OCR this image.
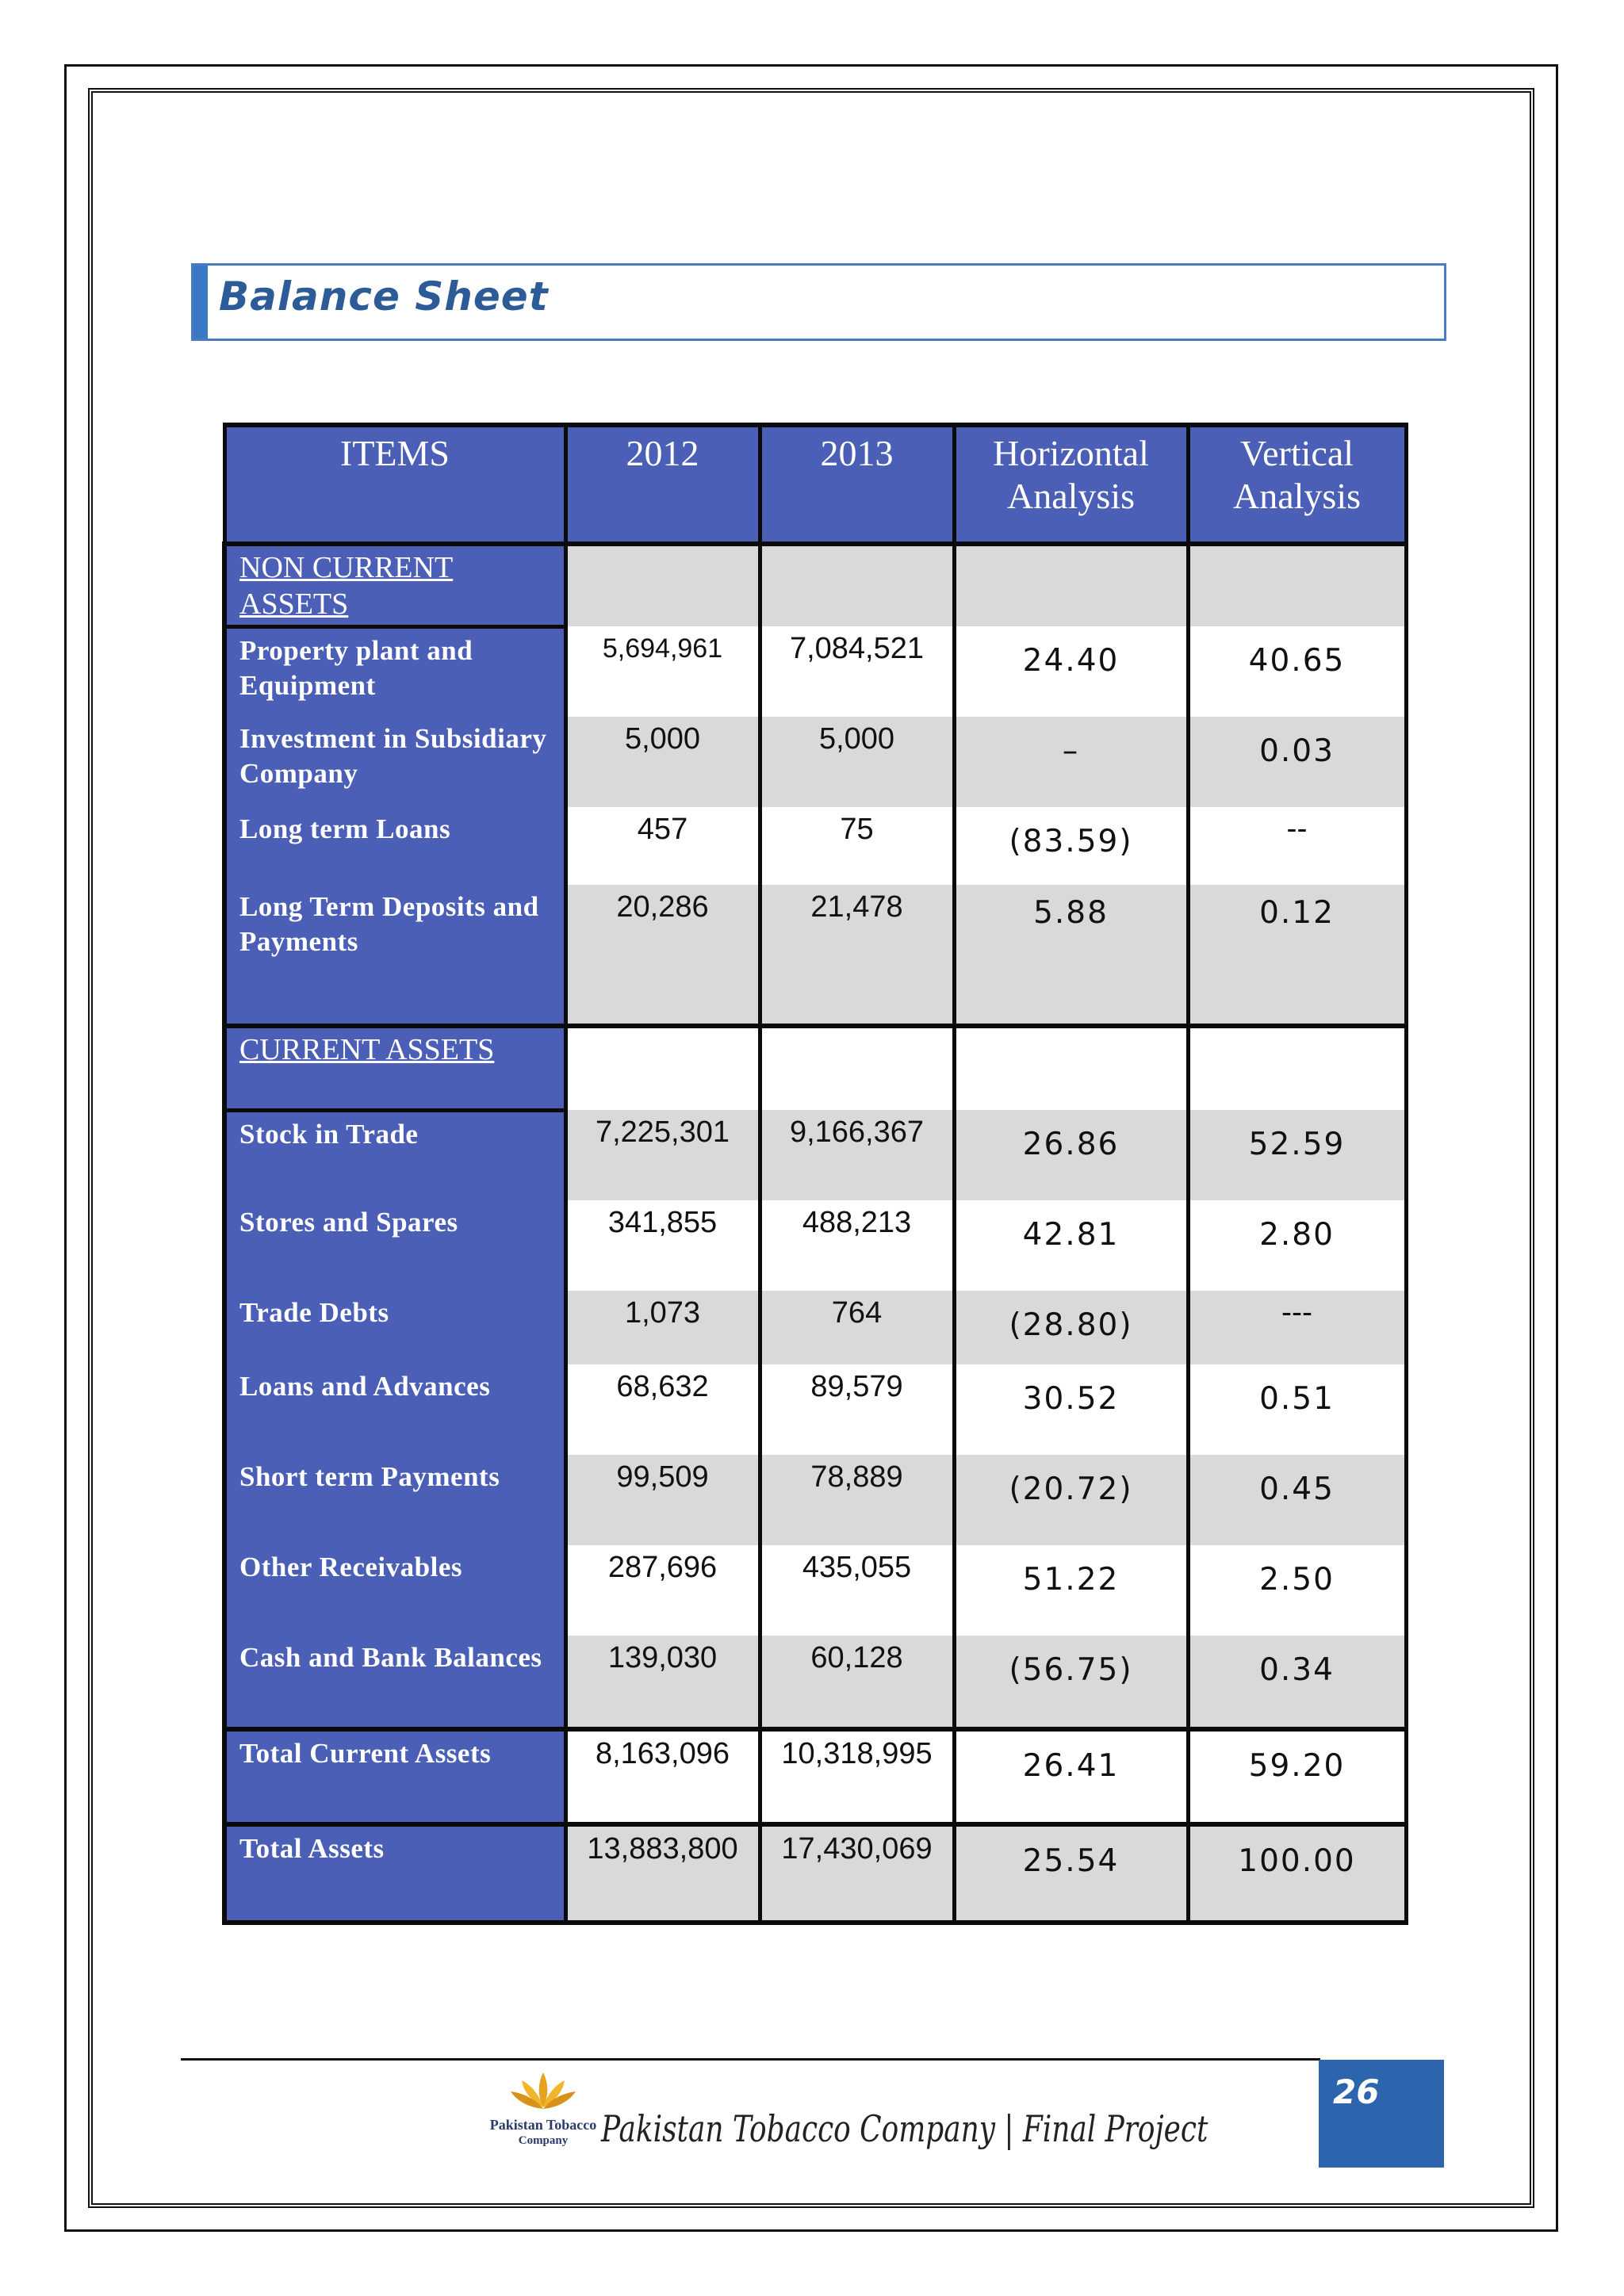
Balance Sheet
ITEMS	2012	2013	Horizontal Analysis	Vertical Analysis
NON CURRENT ASSETS				
Property plant and Equipment	5,694,961	7,084,521	24.40	40.65
Investment in Subsidiary Company	5,000	5,000	–	0.03
Long term Loans	457	75	(83.59)	--
Long Term Deposits and Payments	20,286	21,478	5.88	0.12
CURRENT ASSETS				
Stock in Trade	7,225,301	9,166,367	26.86	52.59
Stores and Spares	341,855	488,213	42.81	2.80
Trade Debts	1,073	764	(28.80)	---
Loans and Advances	68,632	89,579	30.52	0.51
Short term Payments	99,509	78,889	(20.72)	0.45
Other Receivables	287,696	435,055	51.22	2.50
Cash and Bank Balances	139,030	60,128	(56.75)	0.34
Total Current Assets	8,163,096	10,318,995	26.41	59.20
Total Assets	13,883,800	17,430,069	25.54	100.00
Pakistan Tobacco
Company Pakistan Tobacco Company | Final Project
26
